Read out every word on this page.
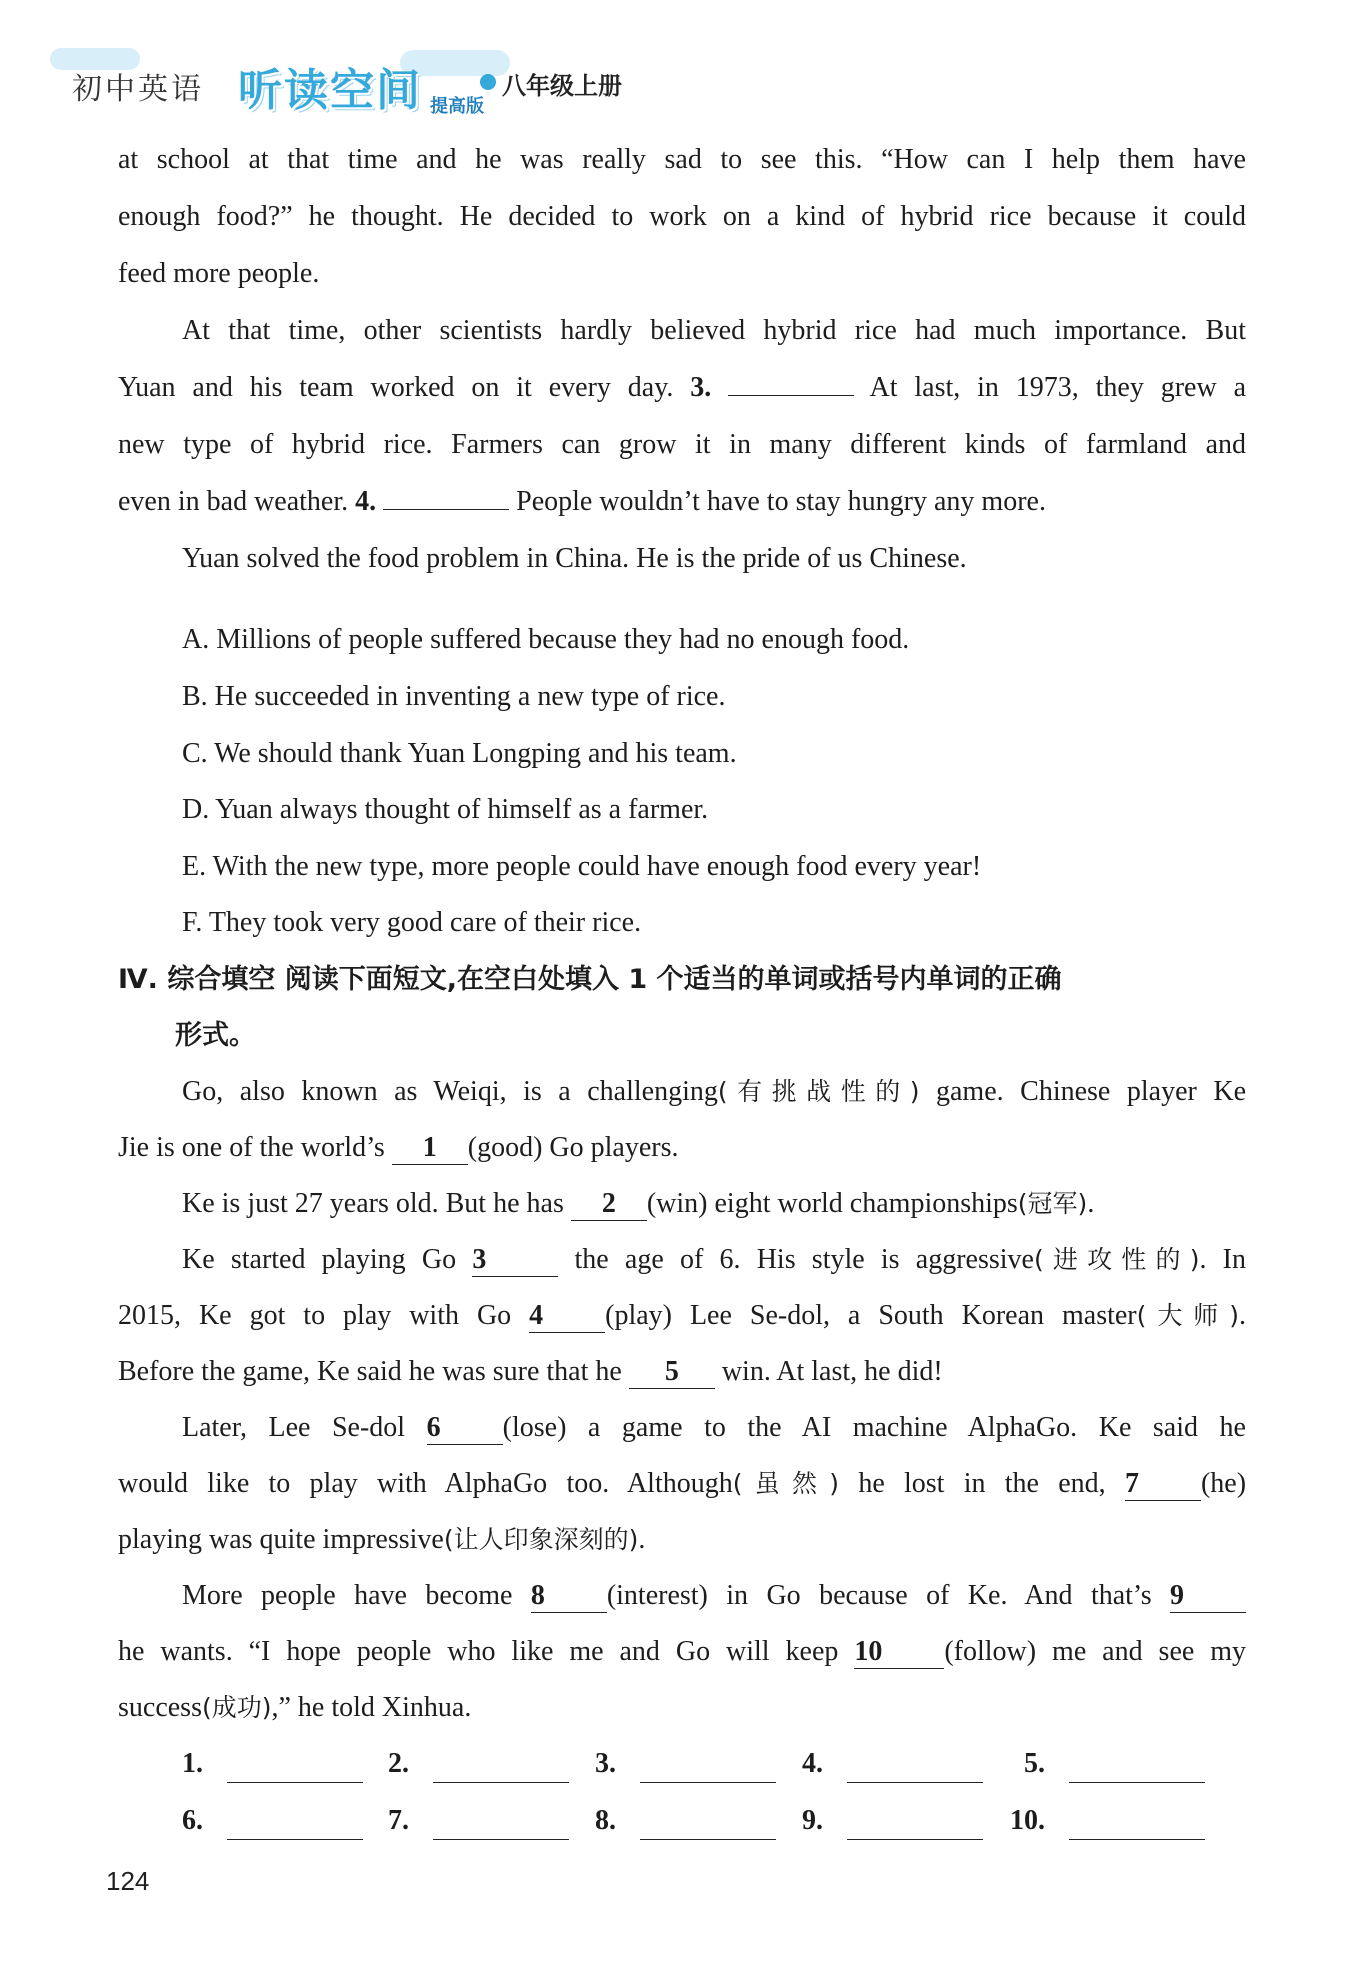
初中英语 听读空间 提高版
八年级上册

at school at that time and he was really sad to see this. “How can I help them have

enough food?” he thought. He decided to work on a kind of hybrid rice because it could

feed more people.

At that time, other scientists hardly believed hybrid rice had much importance. But

Yuan and his team worked on it every day. 3.	At last, in 1973, they grew a

new type of hybrid rice. Farmers can grow it in many different kinds of farmland and

even in bad weather. 4.	People wouldn’t have to stay hungry any more.

Yuan solved the food problem in China. He is the pride of us Chinese.

A. Millions of people suffered because they had no enough food.

B. He succeeded in inventing a new type of rice.

C. We should thank Yuan Longping and his team.

D. Yuan always thought of himself as a farmer.

E. With the new type, more people could have enough food every year!

F. They took very good care of their rice.

Ⅳ. 综合填空 阅读下面短文,在空白处填入 1 个适当的单词或括号内单词的正确

形式。

Go, also known as Weiqi, is a challenging(有挑战性的) game. Chinese player Ke

Jie is one of the world’s 1 (good) Go players.

Ke is just 27 years old. But he has 2 (win) eight world championships(冠军).

Ke started playing Go 3	the age of 6. His style is aggressive(进攻性的). In

2015, Ke got to play with Go 4 (play) Lee Se-dol, a South Korean master(大师).

Before the game, Ke said he was sure that he 5 win. At last, he did!

Later, Lee Se-dol 6 (lose) a game to the AI machine AlphaGo. Ke said he

would like to play with AlphaGo too. Although(虽然) he lost in the end, 7 (he)

playing was quite impressive(让人印象深刻的).

More people have become 8 (interest) in Go because of Ke. And that’s 9

he wants. “I hope people who like me and Go will keep 10 (follow) me and see my

success(成功),” he told Xinhua.

1.	2.	3.	4.	5.
6.	7.	8.	9.	10.
124
